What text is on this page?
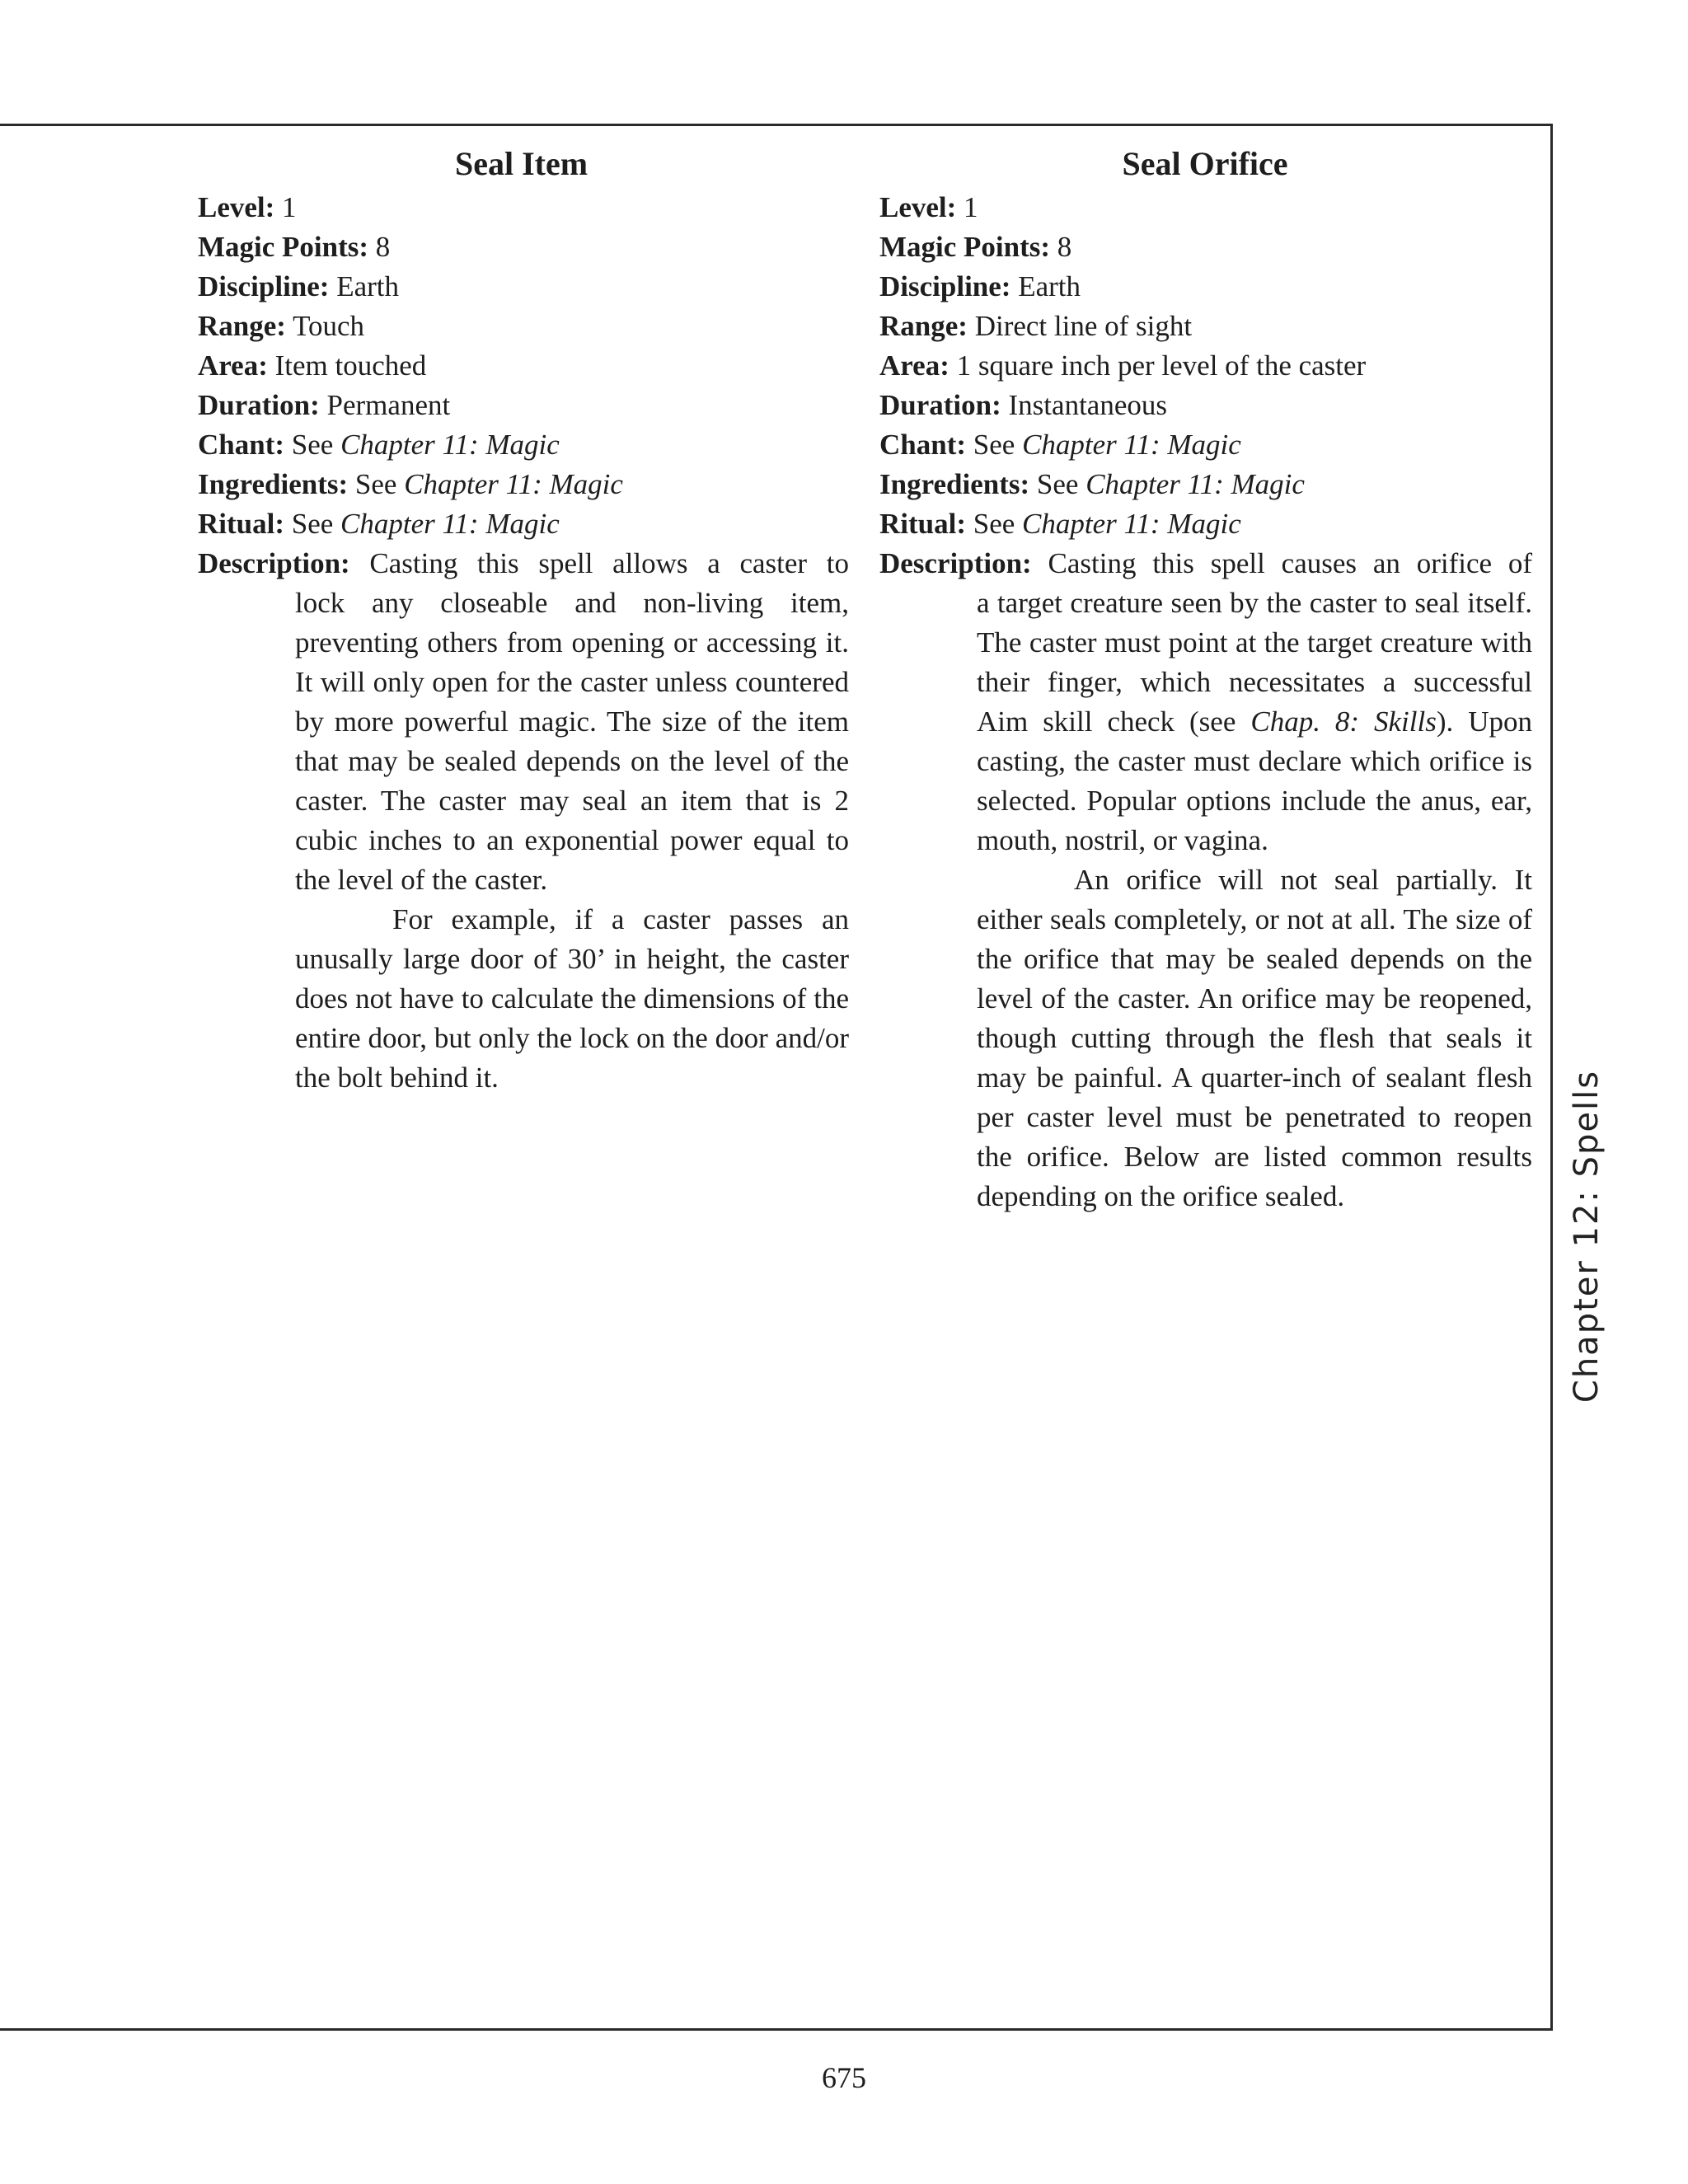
Seal Item
Level: 1
Magic Points: 8
Discipline: Earth
Range: Touch
Area: Item touched
Duration: Permanent
Chant: See Chapter 11: Magic
Ingredients: See Chapter 11: Magic
Ritual: See Chapter 11: Magic
Description: Casting this spell allows a caster to

lock any closeable and non-living item, preventing others from opening or accessing it. It will only open for the caster unless countered by more powerful magic. The size of the item that may be sealed depends on the level of the caster. The caster may seal an item that is 2 cubic inches to an exponential power equal to the level of the caster.

For example, if a caster passes an unusally large door of 30’ in height, the caster does not have to calculate the dimensions of the entire door, but only the lock on the door and/or the bolt behind it.

Seal Orifice
Level: 1
Magic Points: 8
Discipline: Earth
Range: Direct line of sight
Area: 1 square inch per level of the caster
Duration: Instantaneous
Chant: See Chapter 11: Magic
Ingredients: See Chapter 11: Magic
Ritual: See Chapter 11: Magic
Description: Casting this spell causes an orifice of

a target creature seen by the caster to seal itself. The caster must point at the target creature with their finger, which necessitates a successful Aim skill check (see Chap. 8: Skills). Upon casting, the caster must declare which orifice is selected. Popular options include the anus, ear, mouth, nostril, or vagina.

An orifice will not seal partially. It either seals completely, or not at all. The size of the orifice that may be sealed depends on the level of the caster. An orifice may be reopened, though cutting through the flesh that seals it may be painful. A quarter-inch of sealant flesh per caster level must be penetrated to reopen the orifice. Below are listed common results depending on the orifice sealed.	Chapter 12: Spells
675
